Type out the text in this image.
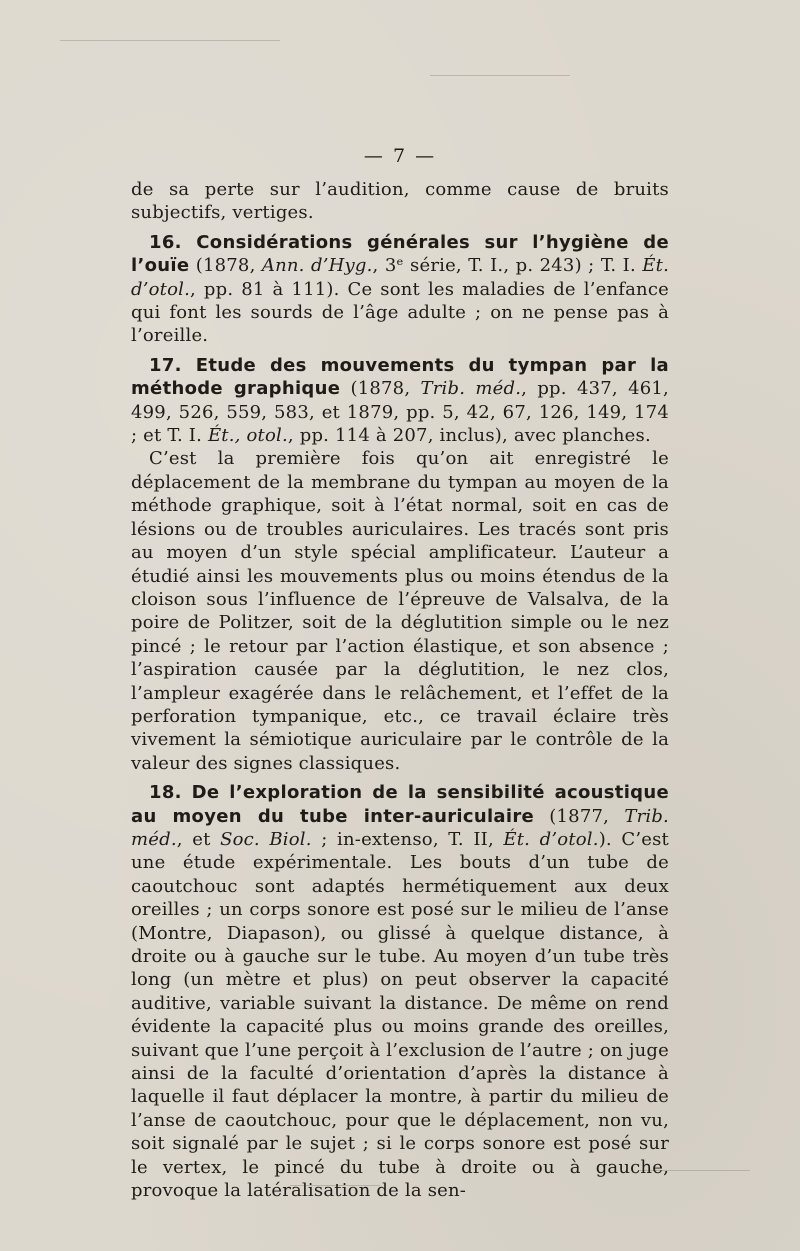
— 7 —

de sa perte sur l’audition, comme cause de bruits subjectifs, vertiges.

16. Considérations générales sur l’hygiène de l’ouïe (1878, Ann. d’Hyg., 3ᵉ série, T. I., p. 243) ; T. I. Ét. d’otol., pp. 81 à 111). Ce sont les maladies de l’enfance qui font les sourds de l’âge adulte ; on ne pense pas à l’oreille.

17. Etude des mouvements du tympan par la méthode graphique (1878, Trib. méd., pp. 437, 461, 499, 526, 559, 583, et 1879, pp. 5, 42, 67, 126, 149, 174 ; et T. I. Ét., otol., pp. 114 à 207, inclus), avec planches.

C’est la première fois qu’on ait enregistré le déplacement de la membrane du tympan au moyen de la méthode graphique, soit à l’état normal, soit en cas de lésions ou de troubles auriculaires. Les tracés sont pris au moyen d’un style spécial amplificateur. L’auteur a étudié ainsi les mouvements plus ou moins étendus de la cloison sous l’influence de l’épreuve de Valsalva, de la poire de Politzer, soit de la déglutition simple ou le nez pincé ; le retour par l’action élastique, et son absence ; l’aspiration causée par la déglutition, le nez clos, l’ampleur exagérée dans le relâchement, et l’effet de la perforation tympanique, etc., ce travail éclaire très vivement la sémiotique auriculaire par le contrôle de la valeur des signes classiques.

18. De l’exploration de la sensibilité acoustique au moyen du tube inter-auriculaire (1877, Trib. méd., et Soc. Biol. ; in-extenso, T. II, Ét. d’otol.). C’est une étude expérimentale. Les bouts d’un tube de caoutchouc sont adaptés hermétiquement aux deux oreilles ; un corps sonore est posé sur le milieu de l’anse (Montre, Diapason), ou glissé à quelque distance, à droite ou à gauche sur le tube. Au moyen d’un tube très long (un mètre et plus) on peut observer la capacité auditive, variable suivant la distance. De même on rend évidente la capacité plus ou moins grande des oreilles, suivant que l’une perçoit à l’exclusion de l’autre ; on juge ainsi de la faculté d’orientation d’après la distance à laquelle il faut déplacer la montre, à partir du milieu de l’anse de caoutchouc, pour que le déplacement, non vu, soit signalé par le sujet ; si le corps sonore est posé sur le vertex, le pincé du tube à droite ou à gauche, provoque la latéralisation de la sen-
